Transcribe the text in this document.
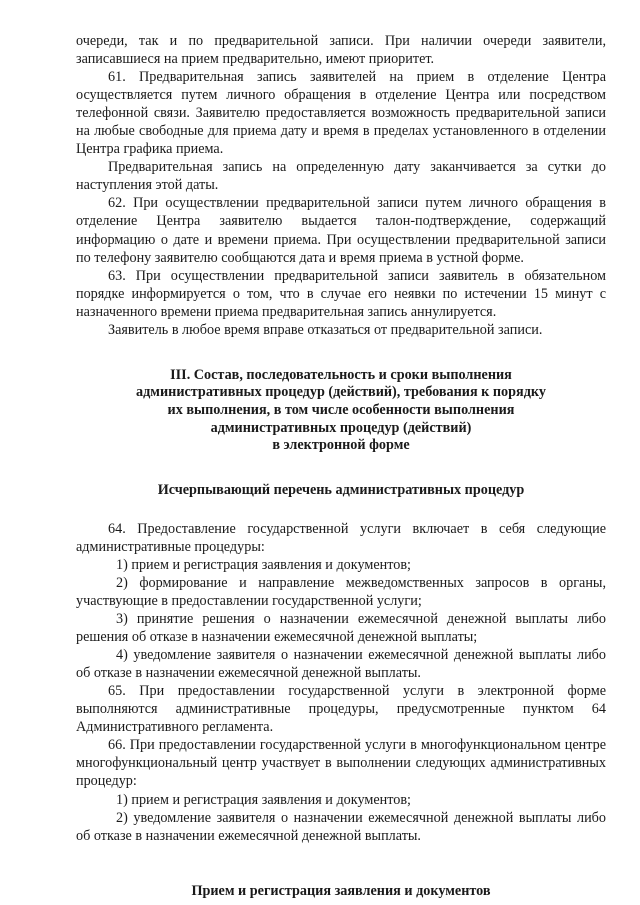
очереди, так и по предварительной записи. При наличии очереди заявители, записавшиеся на прием предварительно, имеют приоритет.

61. Предварительная запись заявителей на прием в отделение Центра осуществляется путем личного обращения в отделение Центра или посредством телефонной связи. Заявителю предоставляется возможность предварительной записи на любые свободные для приема дату и время в пределах установленного в отделении Центра графика приема.

Предварительная запись на определенную дату заканчивается за сутки до наступления этой даты.

62. При осуществлении предварительной записи путем личного обращения в отделение Центра заявителю выдается талон-подтверждение, содержащий информацию о дате и времени приема. При осуществлении предварительной записи по телефону заявителю сообщаются дата и время приема в устной форме.

63. При осуществлении предварительной записи заявитель в обязательном порядке информируется о том, что в случае его неявки по истечении 15 минут с назначенного времени приема предварительная запись аннулируется.

Заявитель в любое время вправе отказаться от предварительной записи.

III. Состав, последовательность и сроки выполнения
административных процедур (действий), требования к порядку
их выполнения, в том числе особенности выполнения
административных процедур (действий)
в электронной форме
Исчерпывающий перечень административных процедур

64. Предоставление государственной услуги включает в себя следующие административные процедуры:

1) прием и регистрация заявления и документов;

2) формирование и направление межведомственных запросов в органы, участвующие в предоставлении государственной услуги;

3) принятие решения о назначении ежемесячной денежной выплаты либо решения об отказе в назначении ежемесячной денежной выплаты;

4) уведомление заявителя о назначении ежемесячной денежной выплаты либо об отказе в назначении ежемесячной денежной выплаты.

65. При предоставлении государственной услуги в электронной форме выполняются административные процедуры, предусмотренные пунктом 64 Административного регламента.

66. При предоставлении государственной услуги в многофункциональном центре многофункциональный центр участвует в выполнении следующих административных процедур:

1) прием и регистрация заявления и документов;

2) уведомление заявителя о назначении ежемесячной денежной выплаты либо об отказе в назначении ежемесячной денежной выплаты.

Прием и регистрация заявления и документов
